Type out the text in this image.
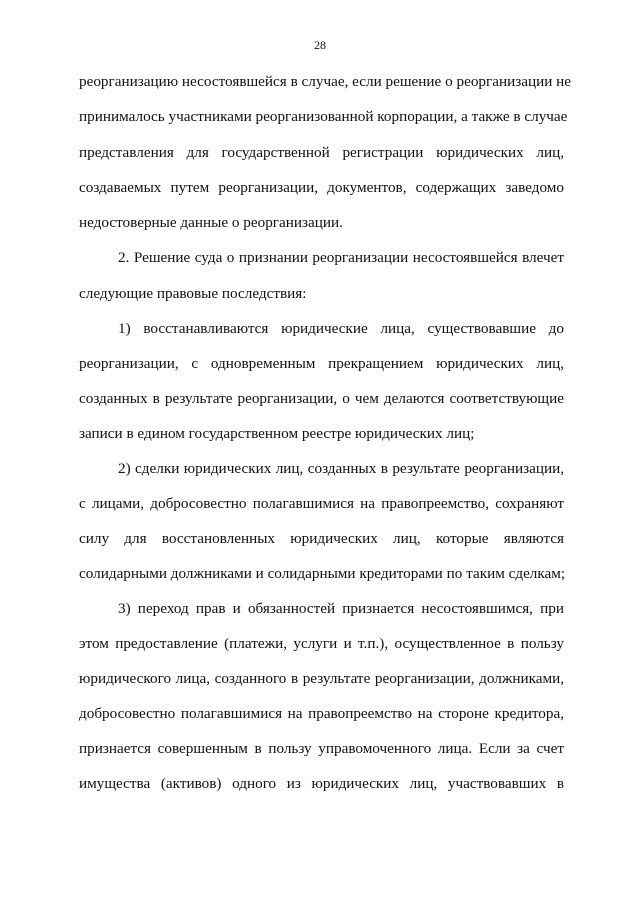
28
реорганизацию несостоявшейся в случае, если решение о реорганизации не
принималось участниками реорганизованной корпорации, а также в случае
представления для государственной регистрации юридических лиц,
создаваемых путем реорганизации, документов, содержащих заведомо
недостоверные данные о реорганизации.
2. Решение суда о признании реорганизации несостоявшейся влечет
следующие правовые последствия:
1) восстанавливаются юридические лица, существовавшие до
реорганизации, с одновременным прекращением юридических лиц,
созданных в результате реорганизации, о чем делаются соответствующие
записи в едином государственном реестре юридических лиц;
2) сделки юридических лиц, созданных в результате реорганизации,
с лицами, добросовестно полагавшимися на правопреемство, сохраняют
силу для восстановленных юридических лиц, которые являются
солидарными должниками и солидарными кредиторами по таким сделкам;
3) переход прав и обязанностей признается несостоявшимся, при
этом предоставление (платежи, услуги и т.п.), осуществленное в пользу
юридического лица, созданного в результате реорганизации, должниками,
добросовестно полагавшимися на правопреемство на стороне кредитора,
признается совершенным в пользу управомоченного лица. Если за счет
имущества (активов) одного из юридических лиц, участвовавших в
